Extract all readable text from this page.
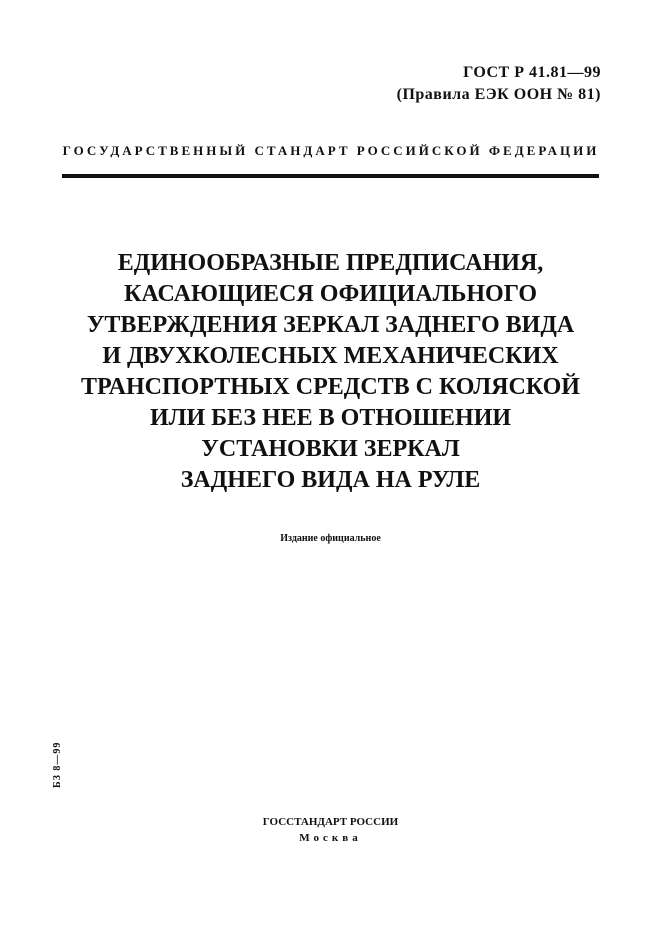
ГОСТ Р 41.81—99
(Правила ЕЭК ООН № 81)
ГОСУДАРСТВЕННЫЙ СТАНДАРТ РОССИЙСКОЙ ФЕДЕРАЦИИ
ЕДИНООБРАЗНЫЕ ПРЕДПИСАНИЯ,
КАСАЮЩИЕСЯ ОФИЦИАЛЬНОГО
УТВЕРЖДЕНИЯ ЗЕРКАЛ ЗАДНЕГО ВИДА
И ДВУХКОЛЕСНЫХ МЕХАНИЧЕСКИХ
ТРАНСПОРТНЫХ СРЕДСТВ С КОЛЯСКОЙ
ИЛИ БЕЗ НЕЕ В ОТНОШЕНИИ
УСТАНОВКИ ЗЕРКАЛ
ЗАДНЕГО ВИДА НА РУЛЕ
Издание официальное
БЗ 8—99
ГОССТАНДАРТ РОССИИ
Москва
